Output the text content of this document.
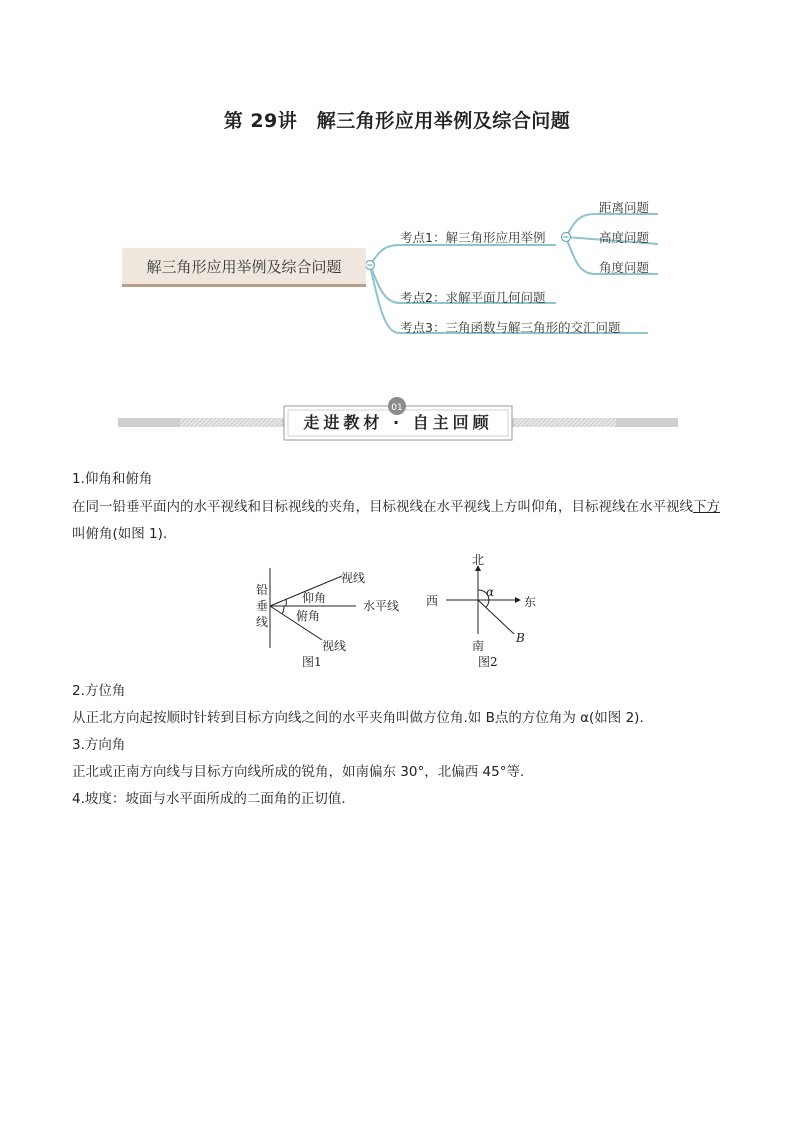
第 29讲　解三角形应用举例及综合问题
解三角形应用举例及综合问题
考点1：解三角形应用举例
考点2：求解平面几何问题
考点3：三角函数与解三角形的交汇问题
距离问题
高度问题
角度问题
01
走进教材 · 自主回顾
1.仰角和俯角
在同一铅垂平面内的水平视线和目标视线的夹角，目标视线在水平视线上方叫仰角，目标视线在水平视线下方叫俯角(如图 1).
铅
垂
线
视线
仰角
水平线
俯角
视线
图1
北
西	东
南
α
B
图2
2.方位角
从正北方向起按顺时针转到目标方向线之间的水平夹角叫做方位角.如 B点的方位角为 α(如图 2).
3.方向角
正北或正南方向线与目标方向线所成的锐角，如南偏东 30°，北偏西 45°等.
4.坡度：坡面与水平面所成的二面角的正切值.
